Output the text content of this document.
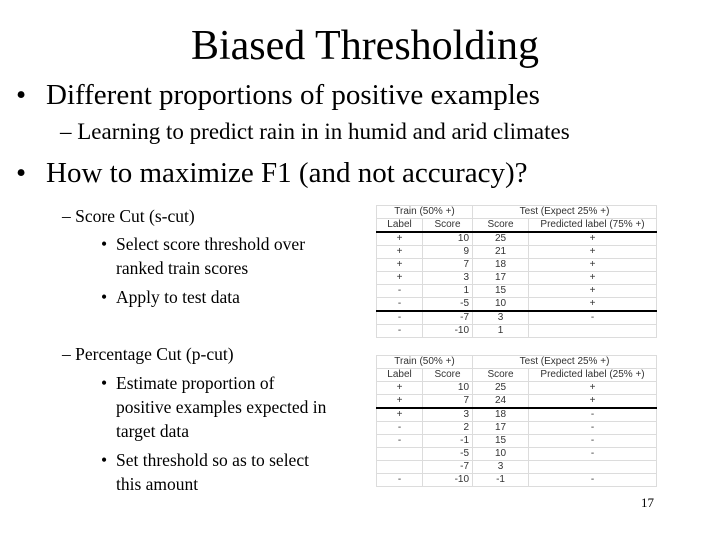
Biased Thresholding
• Different proportions of positive examples
– Learning to predict rain in in humid and arid climates
• How to maximize F1 (and not accuracy)?
– Score Cut (s-cut)
• Select score threshold over
ranked train scores
• Apply to test data
– Percentage Cut (p-cut)
• Estimate proportion of
positive examples expected in
target data
• Set threshold so as to select
this amount
Train (50% +)		Test (Expect 25% +)	
Label	Score	Score	Predicted label (75% +)
+	10	25	+
+	9	21	+
+	7	18	+
+	3	17	+
-	1	15	+
-	-5	10	+
-	-7	3	-
-	-10	1	
Train (50% +)		Test (Expect 25% +)	
Label	Score	Score	Predicted label (25% +)
+	10	25	+
+	7	24	+
+	3	18	-
-	2	17	-
-	-1	15	-
	-5	10	-
	-7	3	
-	-10	-1	-
17
